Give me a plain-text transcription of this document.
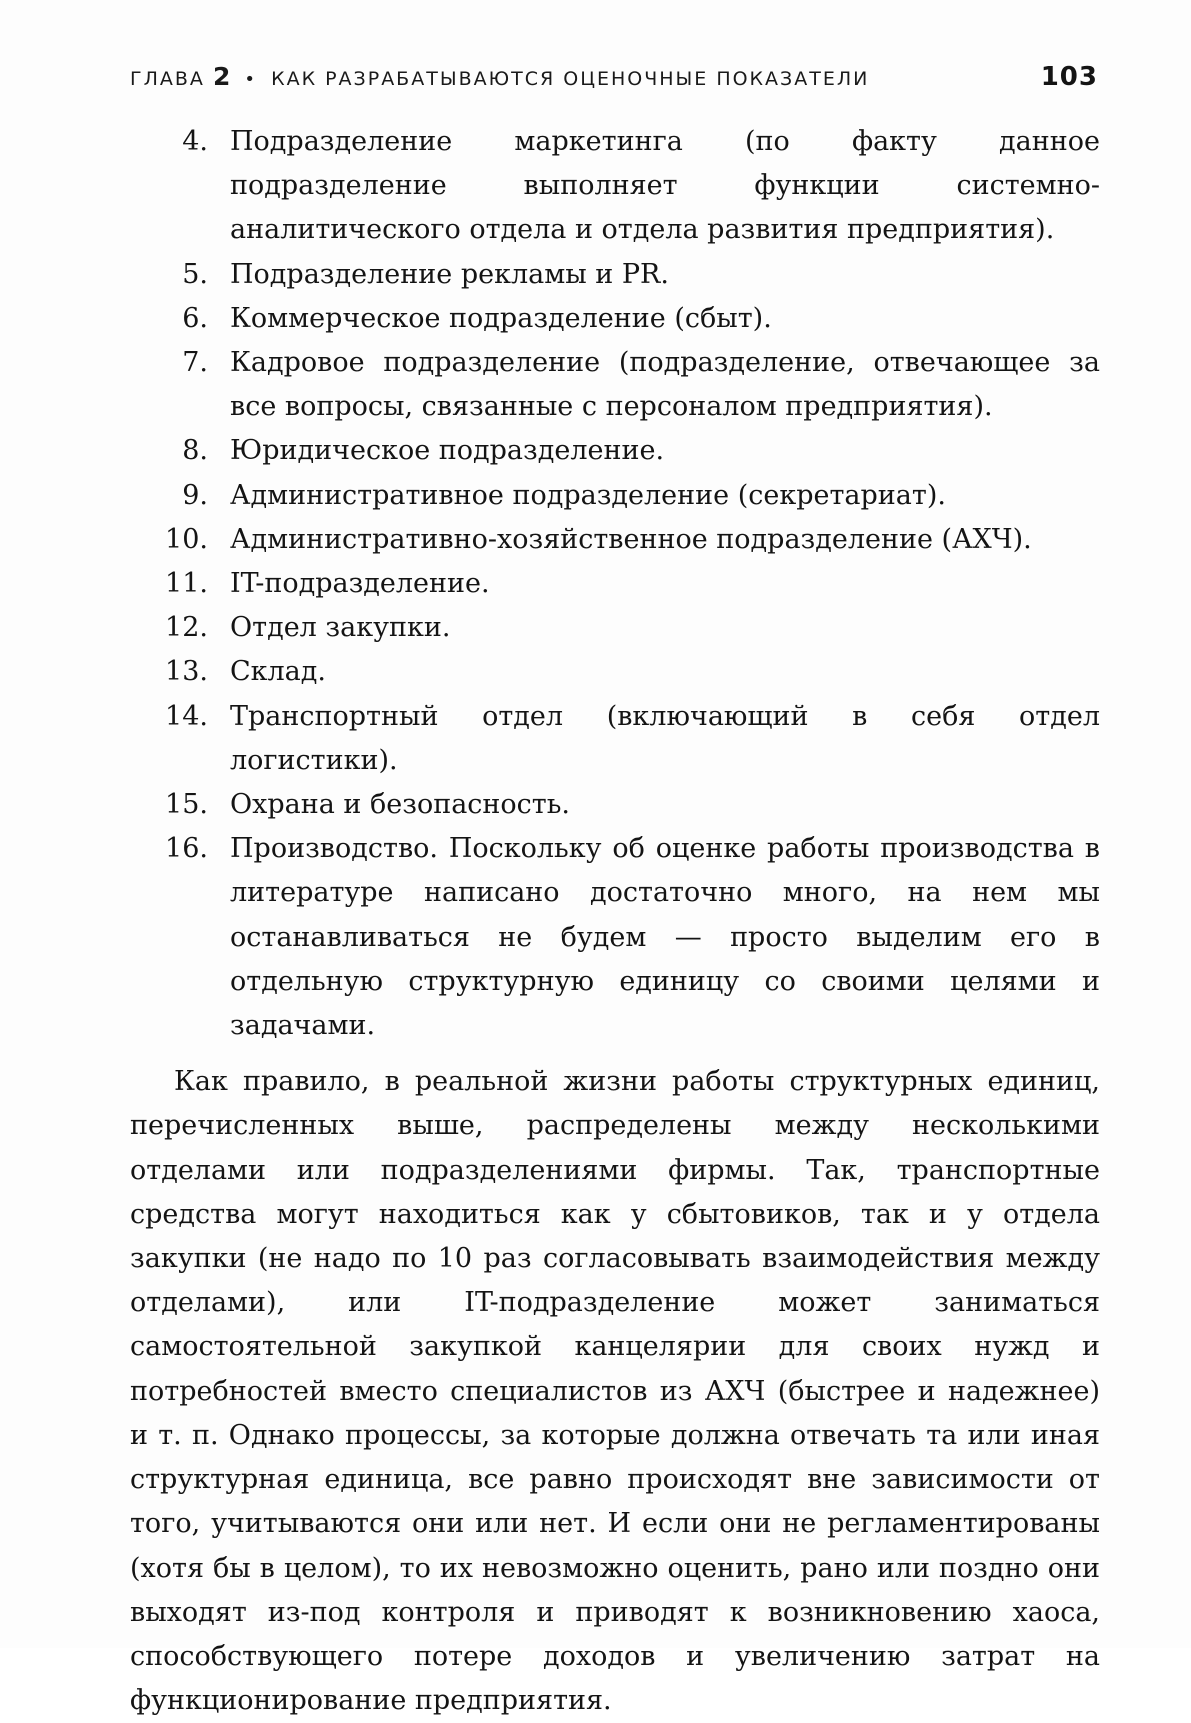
ГЛАВА 2 • КАК РАЗРАБАТЫВАЮТСЯ ОЦЕНОЧНЫЕ ПОКАЗАТЕЛИ	103
4. Подразделение маркетинга (по факту данное подразделение выполняет функции системно-аналитического отдела и отдела развития предприятия).
5. Подразделение рекламы и PR.
6. Коммерческое подразделение (сбыт).
7. Кадровое подразделение (подразделение, отвечающее за все вопросы, связанные с персоналом предприятия).
8. Юридическое подразделение.
9. Административное подразделение (секретариат).
10. Административно-хозяйственное подразделение (АХЧ).
11. IT-подразделение.
12. Отдел закупки.
13. Склад.
14. Транспортный отдел (включающий в себя отдел логистики).
15. Охрана и безопасность.
16. Производство. Поскольку об оценке работы производства в литературе написано достаточно много, на нем мы останавливаться не будем — просто выделим его в отдельную структурную единицу со своими целями и задачами.

Как правило, в реальной жизни работы структурных единиц, перечисленных выше, распределены между несколькими отделами или подразделениями фирмы. Так, транспортные средства могут находиться как у сбытовиков, так и у отдела закупки (не надо по 10 раз согласовывать взаимодействия между отделами), или IT-подразделение может заниматься самостоятельной закупкой канцелярии для своих нужд и потребностей вместо специалистов из АХЧ (быстрее и надежнее) и т. п. Однако процессы, за которые должна отвечать та или иная структурная единица, все равно происходят вне зависимости от того, учитываются они или нет. И если они не регламентированы (хотя бы в целом), то их невозможно оценить, рано или поздно они выходят из-под контроля и приводят к возникновению хаоса, способствующего потере доходов и увеличению затрат на функционирование предприятия.
